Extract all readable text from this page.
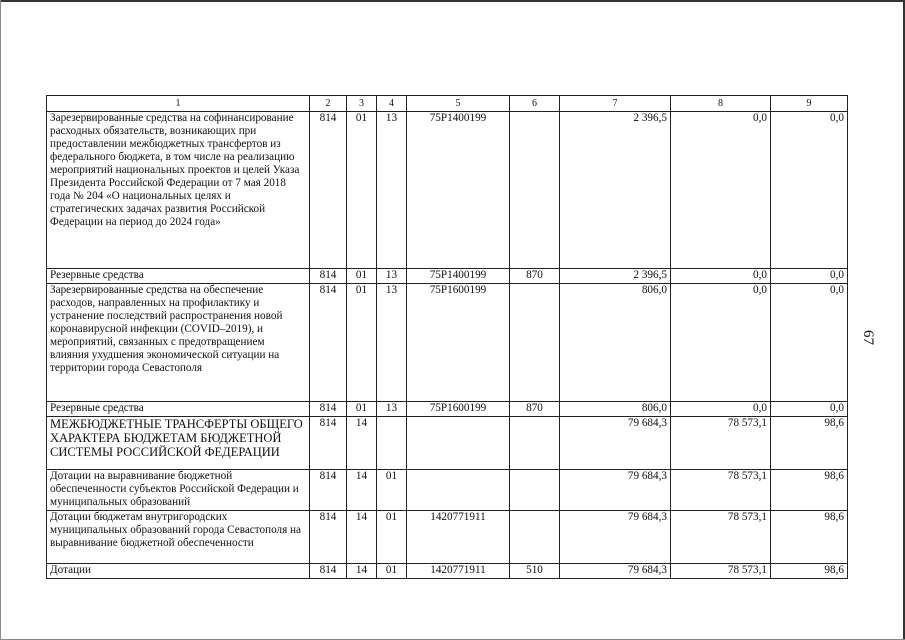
1	2	3	4	5	6	7	8	9
Зарезервированные средства на софинансирование расходных обязательств, возникающих при предоставлении межбюджетных трансфертов из федерального бюджета, в том числе на реализацию мероприятий национальных проектов и целей Указа Президента Российской Федерации от 7 мая 2018 года № 204 «О национальных целях и стратегических задачах развития Российской Федерации на период до 2024 года»	814	01	13	75Р1400199		2 396,5	0,0	0,0
Резервные средства	814	01	13	75Р1400199	870	2 396,5	0,0	0,0
Зарезервированные средства на обеспечение расходов, направленных на профилактику и устранение последствий распространения новой коронавирусной инфекции (COVID–2019), и мероприятий, связанных с предотвращением влияния ухудшения экономической ситуации на территории города Севастополя	814	01	13	75Р1600199		806,0	0,0	0,0
Резервные средства	814	01	13	75Р1600199	870	806,0	0,0	0,0
МЕЖБЮДЖЕТНЫЕ ТРАНСФЕРТЫ ОБЩЕГО ХАРАКТЕРА БЮДЖЕТАМ БЮДЖЕТНОЙ СИСТЕМЫ РОССИЙСКОЙ ФЕДЕРАЦИИ	814	14				79 684,3	78 573,1	98,6
Дотации на выравнивание бюджетной обеспеченности субъектов Российской Федерации и муниципальных образований	814	14	01			79 684,3	78 573,1	98,6
Дотации бюджетам внутригородских муниципальных образований города Севастополя на выравнивание бюджетной обеспеченности	814	14	01	1420771911		79 684,3	78 573,1	98,6
Дотации	814	14	01	1420771911	510	79 684,3	78 573,1	98,6
67
